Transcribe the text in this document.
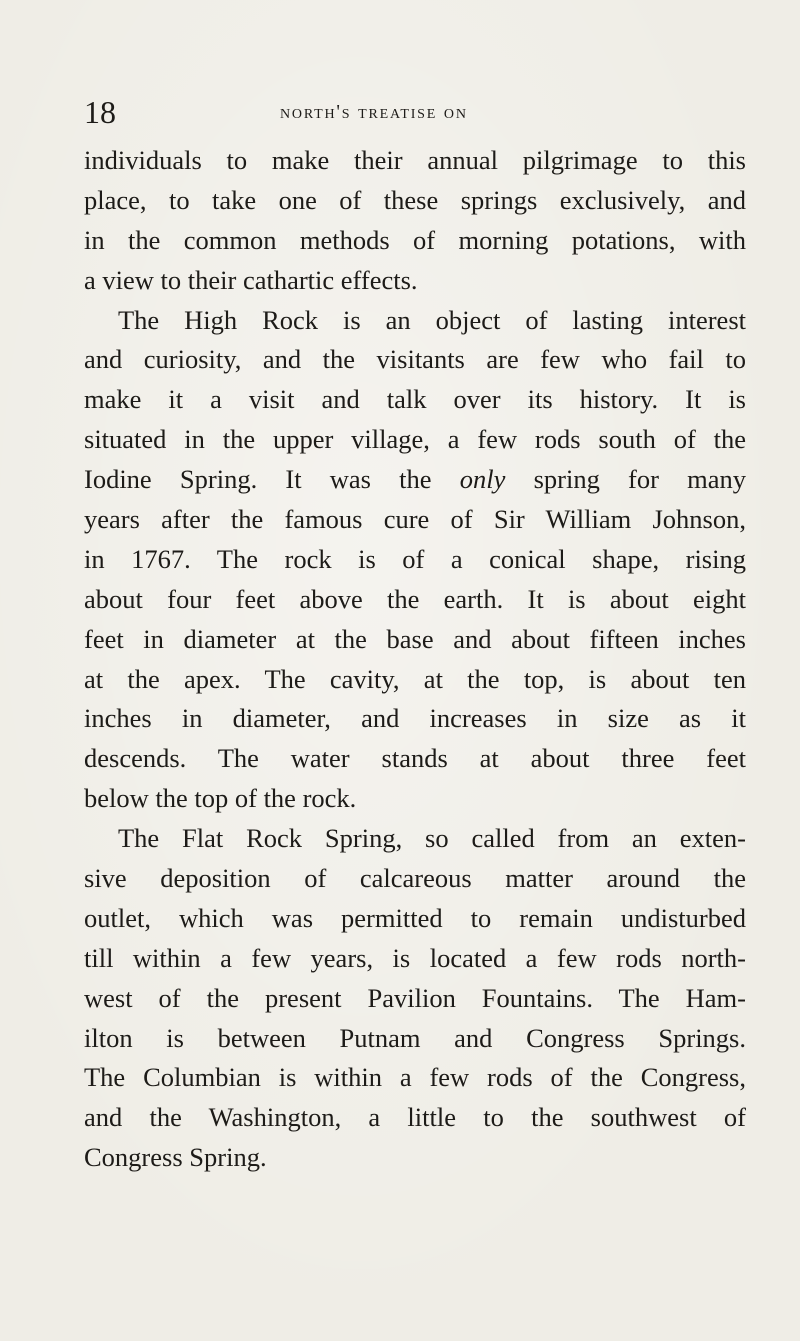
18	north's treatise on
individuals to make their annual pilgrimage to this
place, to take one of these springs exclusively, and
in the common methods of morning potations, with
a view to their cathartic effects.
The High Rock is an object of lasting interest
and curiosity, and the visitants are few who fail to
make it a visit and talk over its history. It is
situated in the upper village, a few rods south of the
Iodine Spring. It was the only spring for many
years after the famous cure of Sir William Johnson,
in 1767. The rock is of a conical shape, rising
about four feet above the earth. It is about eight
feet in diameter at the base and about fifteen inches
at the apex. The cavity, at the top, is about ten
inches in diameter, and increases in size as it
descends. The water stands at about three feet
below the top of the rock.
The Flat Rock Spring, so called from an exten-
sive deposition of calcareous matter around the
outlet, which was permitted to remain undisturbed
till within a few years, is located a few rods north-
west of the present Pavilion Fountains. The Ham-
ilton is between Putnam and Congress Springs.
The Columbian is within a few rods of the Congress,
and the Washington, a little to the southwest of
Congress Spring.
